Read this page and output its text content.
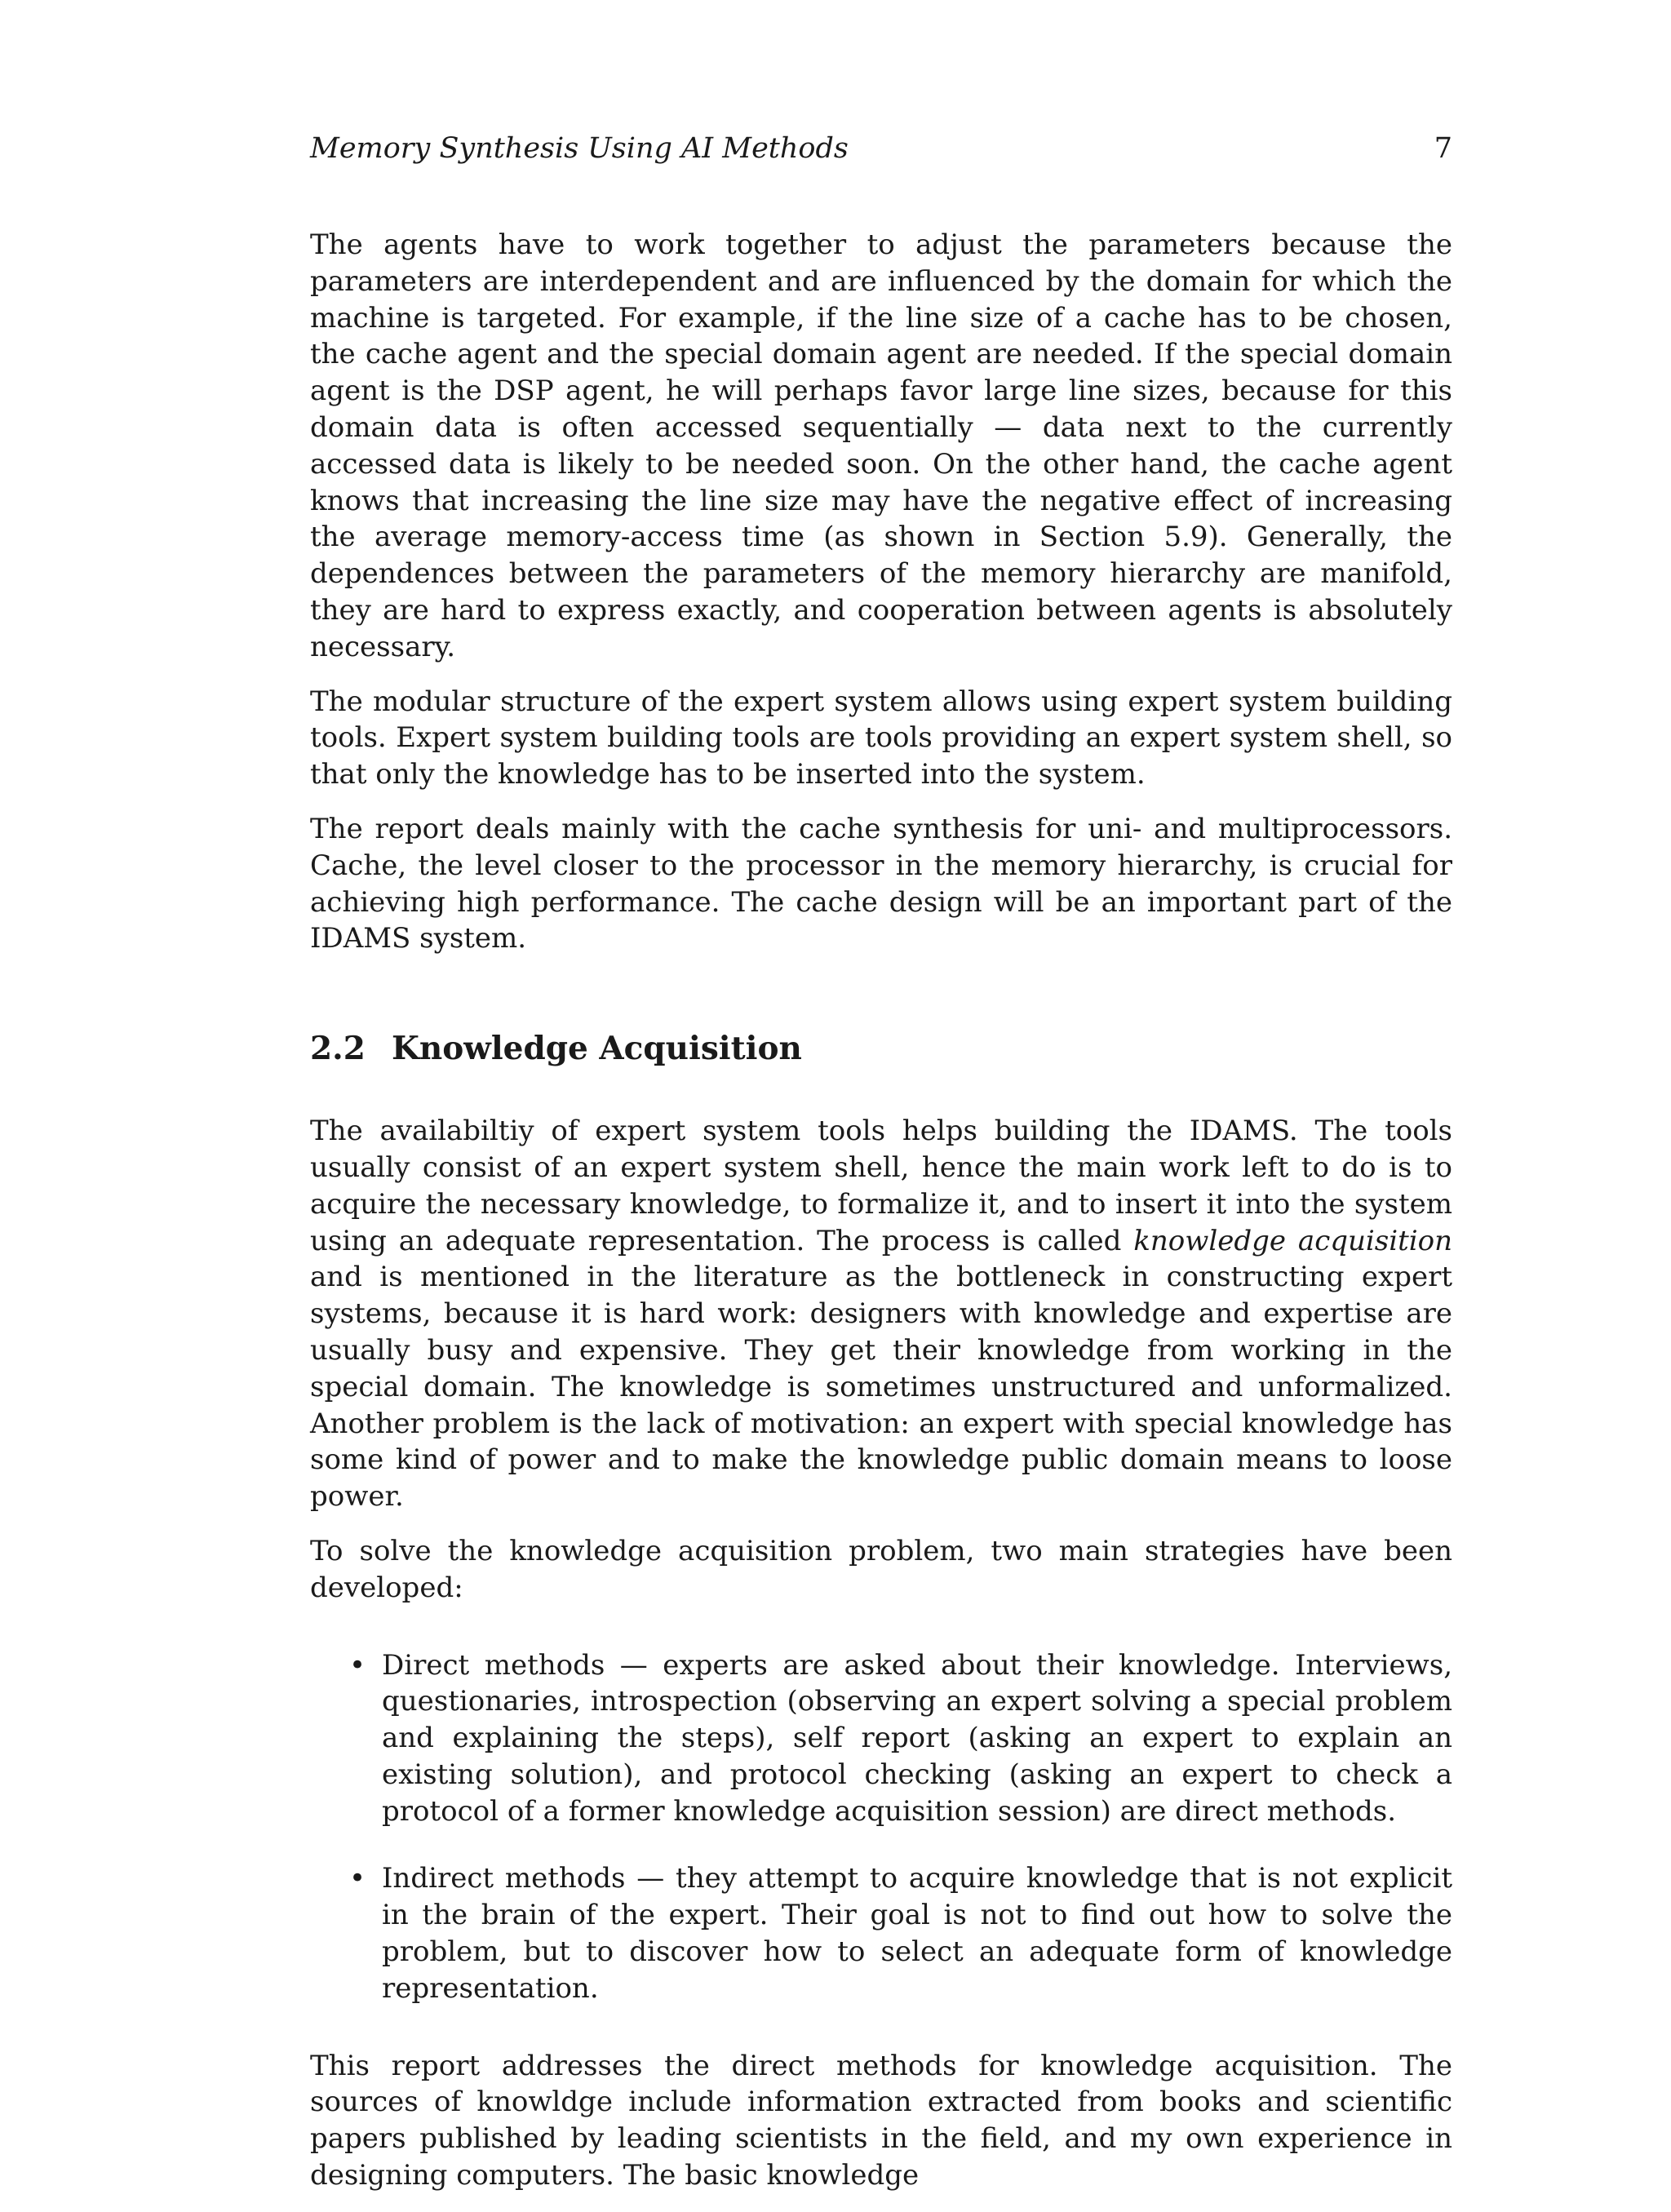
Memory Synthesis Using AI Methods	7

The agents have to work together to adjust the parameters because the parameters are interdependent and are influenced by the domain for which the machine is targeted. For example, if the line size of a cache has to be chosen, the cache agent and the special domain agent are needed. If the special domain agent is the DSP agent, he will perhaps favor large line sizes, because for this domain data is often accessed sequentially — data next to the currently accessed data is likely to be needed soon. On the other hand, the cache agent knows that increasing the line size may have the negative effect of increasing the average memory-access time (as shown in Section 5.9). Generally, the dependences between the parameters of the memory hierarchy are manifold, they are hard to express exactly, and cooperation between agents is absolutely necessary.

The modular structure of the expert system allows using expert system building tools. Expert system building tools are tools providing an expert system shell, so that only the knowledge has to be inserted into the system.

The report deals mainly with the cache synthesis for uni- and multiprocessors. Cache, the level closer to the processor in the memory hierarchy, is crucial for achieving high performance. The cache design will be an important part of the IDAMS system.

2.2 Knowledge Acquisition

The availabiltiy of expert system tools helps building the IDAMS. The tools usually consist of an expert system shell, hence the main work left to do is to acquire the necessary knowledge, to formalize it, and to insert it into the system using an adequate representation. The process is called knowledge acquisition and is mentioned in the literature as the bottleneck in constructing expert systems, because it is hard work: designers with knowledge and expertise are usually busy and expensive. They get their knowledge from working in the special domain. The knowledge is sometimes unstructured and unformalized. Another problem is the lack of motivation: an expert with special knowledge has some kind of power and to make the knowledge public domain means to loose power.

To solve the knowledge acquisition problem, two main strategies have been developed:

• Direct methods — experts are asked about their knowledge. Interviews, questionaries, introspection (observing an expert solving a special problem and explaining the steps), self report (asking an expert to explain an existing solution), and protocol checking (asking an expert to check a protocol of a former knowledge acquisition session) are direct methods.
• Indirect methods — they attempt to acquire knowledge that is not explicit in the brain of the expert. Their goal is not to find out how to solve the problem, but to discover how to select an adequate form of knowledge representation.

This report addresses the direct methods for knowledge acquisition. The sources of knowldge include information extracted from books and scientific papers published by leading scientists in the field, and my own experience in designing computers. The basic knowledge
